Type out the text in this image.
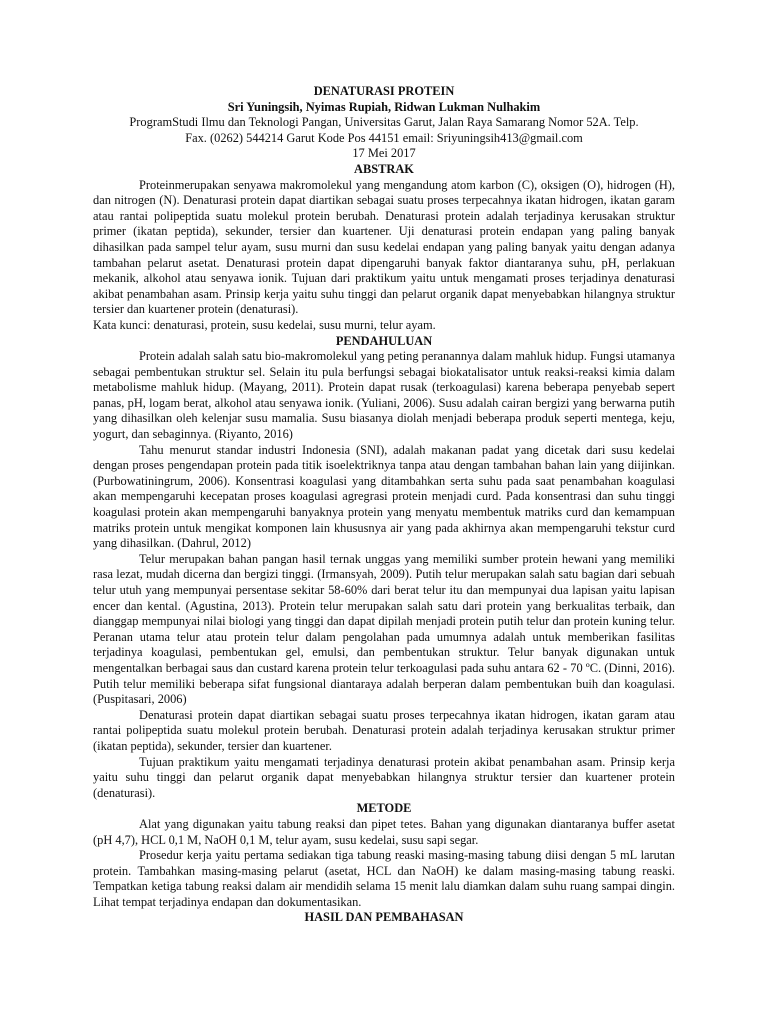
DENATURASI PROTEIN
Sri Yuningsih, Nyimas Rupiah, Ridwan Lukman Nulhakim
ProgramStudi Ilmu dan Teknologi Pangan, Universitas Garut, Jalan Raya Samarang Nomor 52A. Telp.
Fax. (0262) 544214 Garut Kode Pos 44151 email: Sriyuningsih413@gmail.com
17 Mei 2017
ABSTRAK

Proteinmerupakan senyawa makromolekul yang mengandung atom karbon (C), oksigen (O), hidrogen (H), dan nitrogen (N). Denaturasi protein dapat diartikan sebagai suatu proses terpecahnya ikatan hidrogen, ikatan garam atau rantai polipeptida suatu molekul protein berubah. Denaturasi protein adalah terjadinya kerusakan struktur primer (ikatan peptida), sekunder, tersier dan kuartener. Uji denaturasi protein endapan yang paling banyak dihasilkan pada sampel telur ayam, susu murni dan susu kedelai endapan yang paling banyak yaitu dengan adanya tambahan pelarut asetat. Denaturasi protein dapat dipengaruhi banyak faktor diantaranya suhu, pH, perlakuan mekanik, alkohol atau senyawa ionik. Tujuan dari praktikum yaitu untuk mengamati proses terjadinya denaturasi akibat penambahan asam. Prinsip kerja yaitu suhu tinggi dan pelarut organik dapat menyebabkan hilangnya struktur tersier dan kuartener protein (denaturasi).

Kata kunci: denaturasi, protein, susu kedelai, susu murni, telur ayam.

PENDAHULUAN

Protein adalah salah satu bio-makromolekul yang peting peranannyа dalam mahluk hidup. Fungsi utamanya sebagai pembentukan struktur sel. Selain itu pula berfungsi sebagai biokatalisator untuk reaksi-reaksi kimia dalam metabolisme mahluk hidup. (Mayang, 2011). Protein dapat rusak (terkoagulasi) karena beberapa penyebab sepert panas, pH, logam berat, alkohol atau senyawa ionik. (Yuliani, 2006). Susu adalah cairan bergizi yang berwarna putih yang dihasilkan oleh kelenjar susu mamalia. Susu biasanya diolah menjadi beberapa produk seperti mentega, keju, yogurt, dan sebaginnya. (Riyanto, 2016)

Tahu menurut standar industri Indonesia (SNI), adalah makanan padat yang dicetak dari susu kedelai dengan proses pengendapan protein pada titik isoelektriknya tanpa atau dengan tambahan bahan lain yang diijinkan. (Purbowatiningrum, 2006). Konsentrasi koagulasi yang ditambahkan serta suhu pada saat penambahan koagulasi akan mempengaruhi kecepatan proses koagulasi agregrasi protein menjadi curd. Pada konsentrasi dan suhu tinggi koagulasi protein akan mempengaruhi banyaknya protein yang menyatu membentuk matriks curd dan kemampuan matriks protein untuk mengikat komponen lain khususnya air yang pada akhirnya akan mempengaruhi tekstur curd yang dihasilkan. (Dahrul, 2012)

Telur merupakan bahan pangan hasil ternak unggas yang memiliki sumber protein hewani yang memiliki rasa lezat, mudah dicerna dan bergizi tinggi. (Irmansyah, 2009). Putih telur merupakan salah satu bagian dari sebuah telur utuh yang mempunyai persentase sekitar 58-60% dari berat telur itu dan mempunyai dua lapisan yaitu lapisan encer dan kental. (Agustina, 2013). Protein telur merupakan salah satu dari protein yang berkualitas terbaik, dan dianggap mempunyai nilai biologi yang tinggi dan dapat dipilah menjadi protein putih telur dan protein kuning telur. Peranan utama telur atau protein telur dalam pengolahan pada umumnya adalah untuk memberikan fasilitas terjadinya koagulasi, pembentukan gel, emulsi, dan pembentukan struktur. Telur banyak digunakan untuk mengentalkan berbagai saus dan custard karena protein telur terkoagulasi pada suhu antara 62 - 70 ºC. (Dinni, 2016). Putih telur memiliki beberapa sifat fungsional diantaraya adalah berperan dalam pembentukan buih dan koagulasi. (Puspitasari, 2006)

Denaturasi protein dapat diartikan sebagai suatu proses terpecahnya ikatan hidrogen, ikatan garam atau rantai polipeptida suatu molekul protein berubah. Denaturasi protein adalah terjadinya kerusakan struktur primer (ikatan peptida), sekunder, tersier dan kuartener.

Tujuan praktikum yaitu mengamati terjadinya denaturasi protein akibat penambahan asam. Prinsip kerja yaitu suhu tinggi dan pelarut organik dapat menyebabkan hilangnya struktur tersier dan kuartener protein (denaturasi).

METODE

Alat yang digunakan yaitu tabung reaksi dan pipet tetes. Bahan yang digunakan diantaranya buffer asetat (pH 4,7), HCL 0,1 M, NaOH 0,1 M, telur ayam, susu kedelai, susu sapi segar.

Prosedur kerja yaitu pertama sediakan tiga tabung reaski masing-masing tabung diisi dengan 5 mL larutan protein. Tambahkan masing-masing pelarut (asetat, HCL dan NaOH) ke dalam masing-masing tabung reaski. Tempatkan ketiga tabung reaksi dalam air mendidih selama 15 menit lalu diamkan dalam suhu ruang sampai dingin. Lihat tempat terjadinya endapan dan dokumentasikan.

HASIL DAN PEMBAHASAN
